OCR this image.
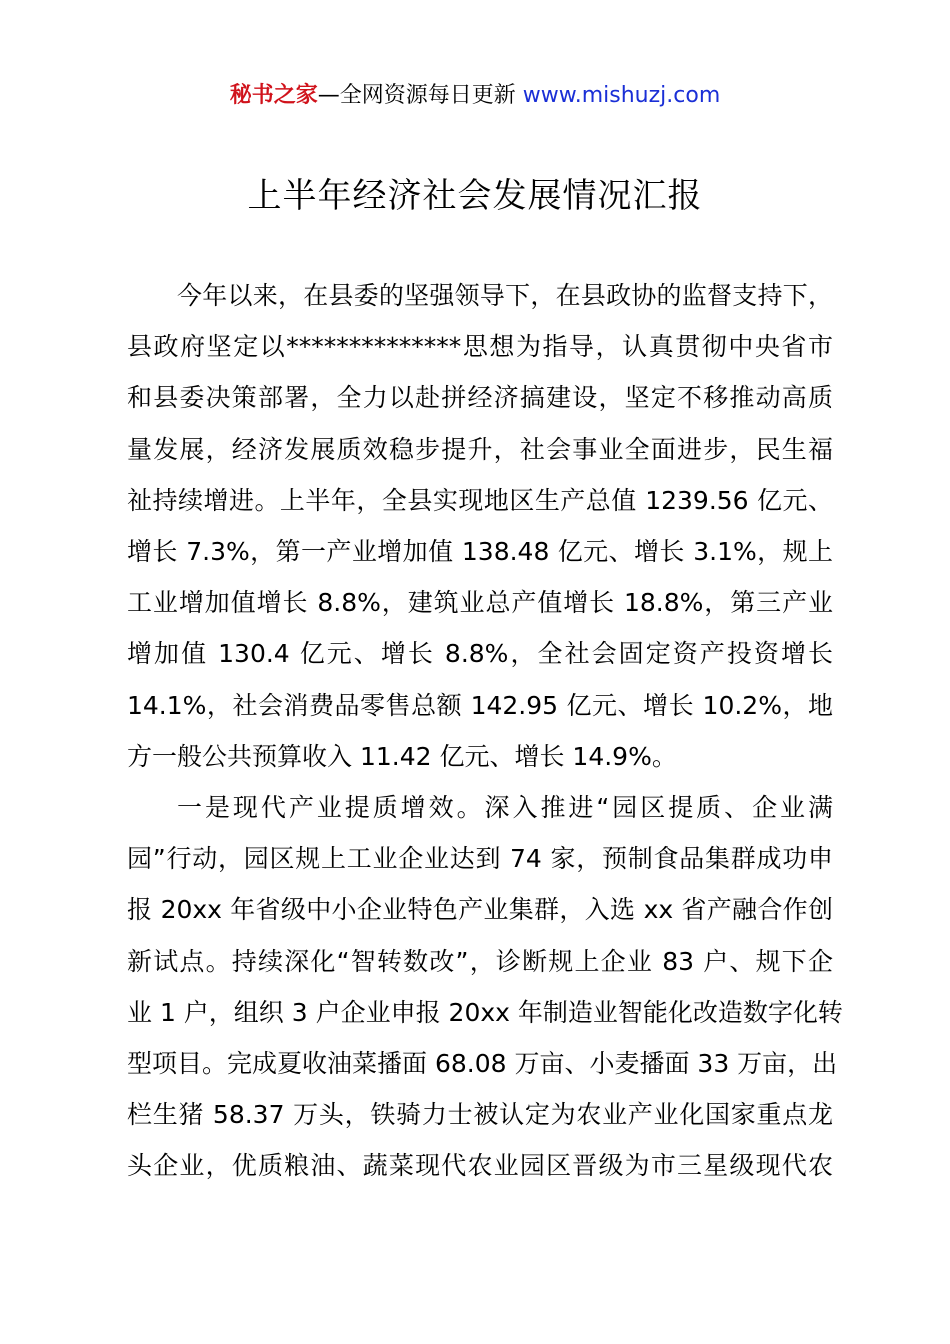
秘书之家—全网资源每日更新 www.mishuzj.com
上半年经济社会发展情况汇报
今年以来，在县委的坚强领导下，在县政协的监督支持下，
县政府坚定以**************思想为指导，认真贯彻中央省市
和县委决策部署，全力以赴拼经济搞建设，坚定不移推动高质
量发展，经济发展质效稳步提升，社会事业全面进步，民生福
祉持续增进。上半年，全县实现地区生产总值 1239.56 亿元、
增长 7.3%，第一产业增加值 138.48 亿元、增长 3.1%，规上
工业增加值增长 8.8%，建筑业总产值增长 18.8%，第三产业
增加值 130.4 亿元、增长 8.8%，全社会固定资产投资增长
14.1%，社会消费品零售总额 142.95 亿元、增长 10.2%，地
方一般公共预算收入 11.42 亿元、增长 14.9%。
一是现代产业提质增效。深入推进“园区提质、企业满
园”行动，园区规上工业企业达到 74 家，预制食品集群成功申
报 20xx 年省级中小企业特色产业集群，入选 xx 省产融合作创
新试点。持续深化“智转数改”，诊断规上企业 83 户、规下企
业 1 户，组织 3 户企业申报 20xx 年制造业智能化改造数字化转
型项目。完成夏收油菜播面 68.08 万亩、小麦播面 33 万亩，出
栏生猪 58.37 万头，铁骑力士被认定为农业产业化国家重点龙
头企业，优质粮油、蔬菜现代农业园区晋级为市三星级现代农
